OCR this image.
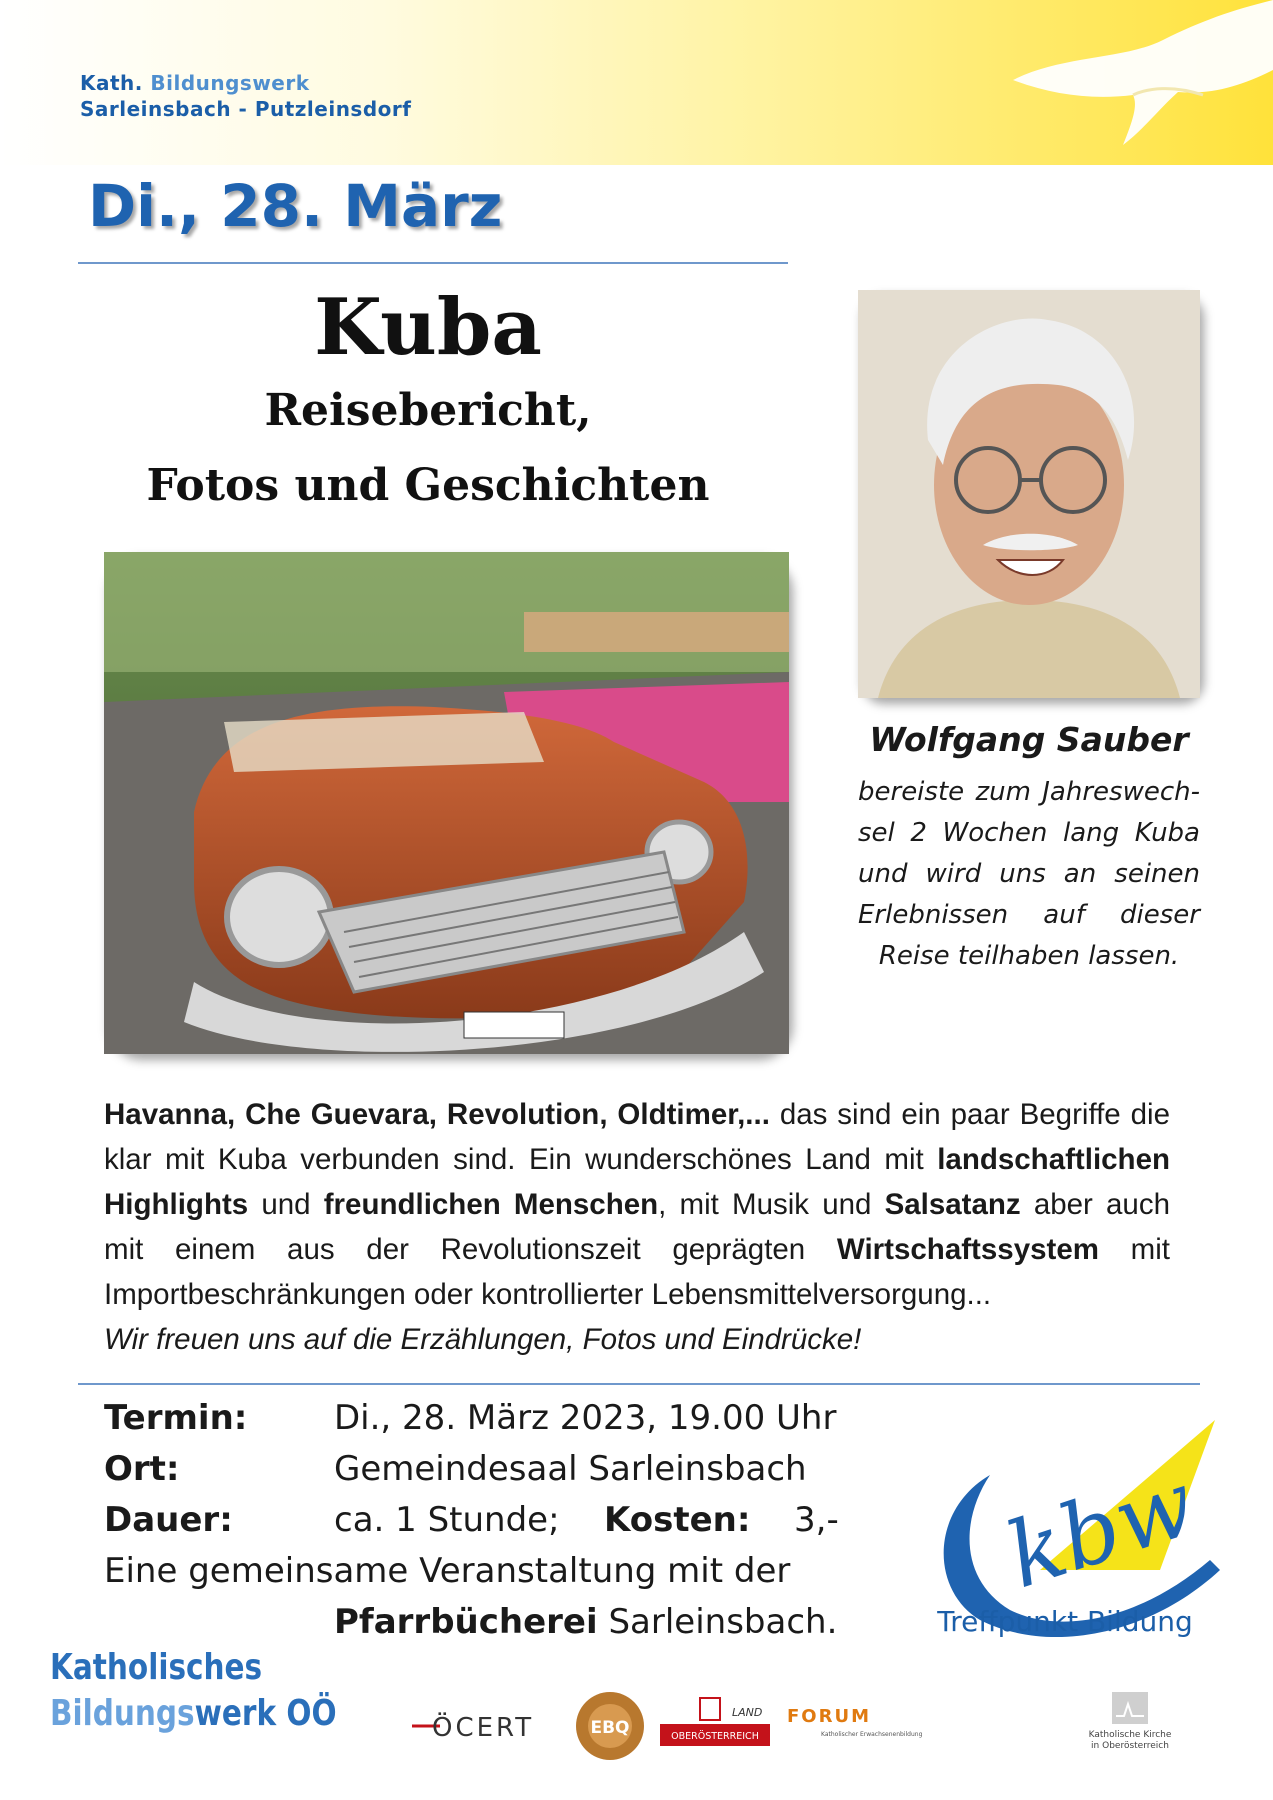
Kath. Bildungswerk
Sarleinsbach - Putzleinsdorf
Di., 28. März
Kuba
Reisebericht,
Fotos und Geschichten
Wolfgang Sauber
bereiste zum Jahreswech-sel 2 Wochen lang Kuba und wird uns an seinen Erlebnissen auf dieser Reise teilhaben lassen.
Havanna, Che Guevara, Revolution, Oldtimer,... das sind ein paar Begriffe die klar mit Kuba verbunden sind. Ein wunderschönes Land mit landschaftlichen Highlights und freundlichen Menschen, mit Musik und Salsatanz aber auch mit einem aus der Revolutionszeit geprägten Wirtschaftssystem mit Importbeschränkungen oder kontrollierter Lebensmittelversorgung...
Wir freuen uns auf die Erzählungen, Fotos und Eindrücke!
Termin:	Di., 28. März 2023, 19.00 Uhr
Ort:	Gemeindesaal Sarleinsbach
Dauer:	ca. 1 Stunde; Kosten: 3,-
Eine gemeinsame Veranstaltung mit der
Pfarrbücherei Sarleinsbach.
kbw
Treffpunkt Bildung
Katholisches
Bildungswerk OÖ	ÖCERT	EBQ
LAND
OBERÖSTERREICH
FORUM
Katholischer Erwachsenenbildung	Katholische Kirche
in Oberösterreich
